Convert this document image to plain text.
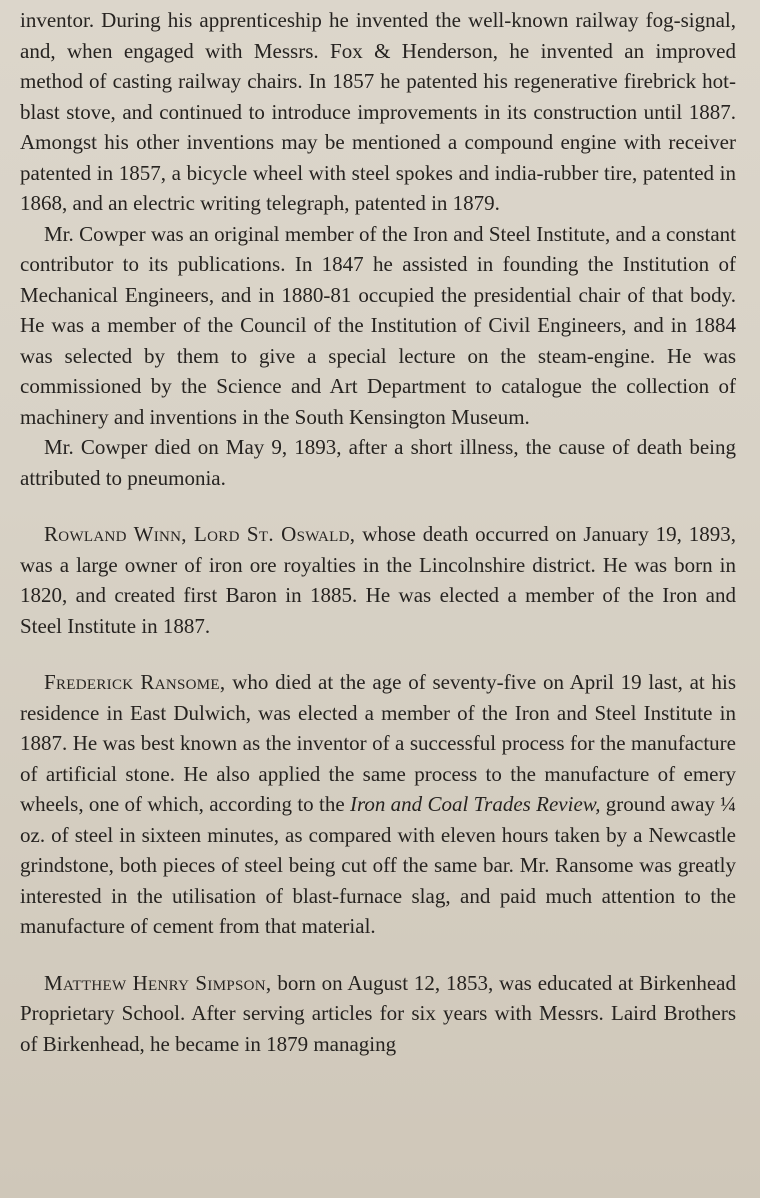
inventor. During his apprenticeship he invented the well-known railway fog-signal, and, when engaged with Messrs. Fox & Henderson, he invented an improved method of casting railway chairs. In 1857 he patented his regenerative firebrick hot-blast stove, and continued to introduce improvements in its construction until 1887. Amongst his other inventions may be mentioned a compound engine with receiver patented in 1857, a bicycle wheel with steel spokes and india-rubber tire, patented in 1868, and an electric writing telegraph, patented in 1879.

Mr. Cowper was an original member of the Iron and Steel Institute, and a constant contributor to its publications. In 1847 he assisted in founding the Institution of Mechanical Engineers, and in 1880-81 occupied the presidential chair of that body. He was a member of the Council of the Institution of Civil Engineers, and in 1884 was selected by them to give a special lecture on the steam-engine. He was commissioned by the Science and Art Department to catalogue the collection of machinery and inventions in the South Kensington Museum.

Mr. Cowper died on May 9, 1893, after a short illness, the cause of death being attributed to pneumonia.

Rowland Winn, Lord St. Oswald, whose death occurred on January 19, 1893, was a large owner of iron ore royalties in the Lincolnshire district. He was born in 1820, and created first Baron in 1885. He was elected a member of the Iron and Steel Institute in 1887.

Frederick Ransome, who died at the age of seventy-five on April 19 last, at his residence in East Dulwich, was elected a member of the Iron and Steel Institute in 1887. He was best known as the inventor of a successful process for the manufacture of artificial stone. He also applied the same process to the manufacture of emery wheels, one of which, according to the Iron and Coal Trades Review, ground away ¼ oz. of steel in sixteen minutes, as compared with eleven hours taken by a Newcastle grindstone, both pieces of steel being cut off the same bar. Mr. Ransome was greatly interested in the utilisation of blast-furnace slag, and paid much attention to the manufacture of cement from that material.

Matthew Henry Simpson, born on August 12, 1853, was educated at Birkenhead Proprietary School. After serving articles for six years with Messrs. Laird Brothers of Birkenhead, he became in 1879 managing
